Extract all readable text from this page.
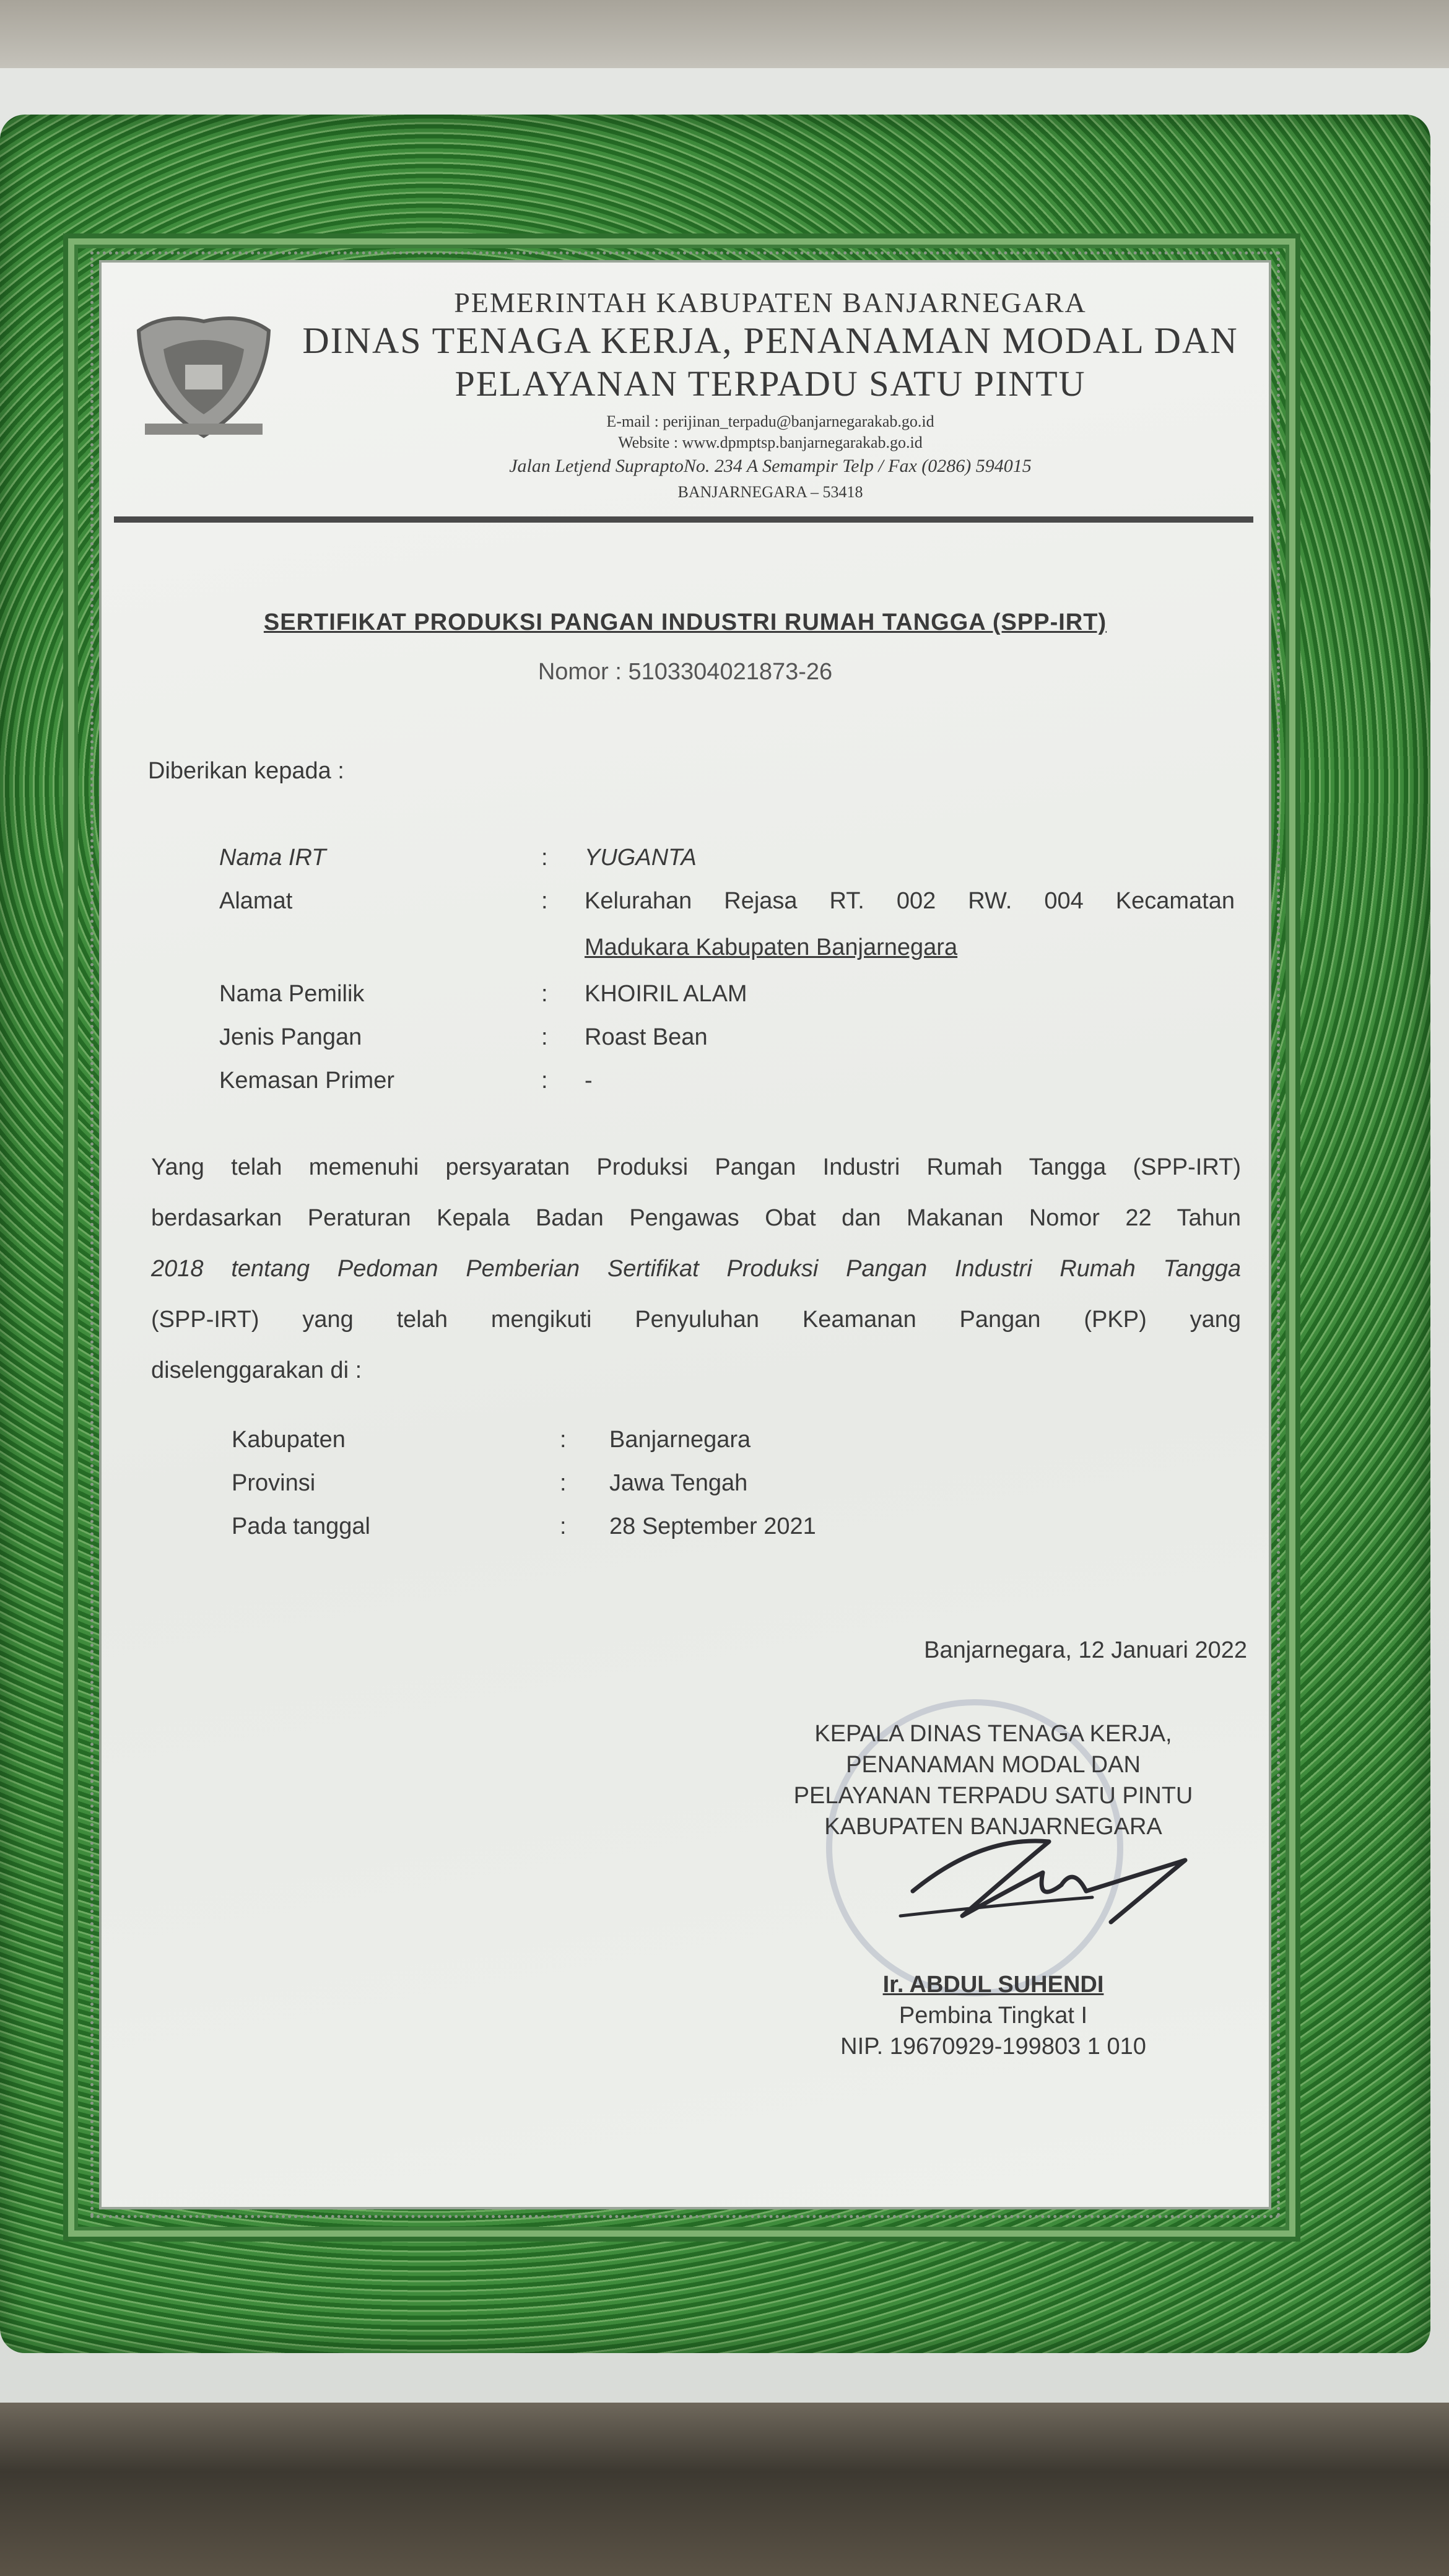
PEMERINTAH KABUPATEN BANJARNEGARA
DINAS TENAGA KERJA, PENANAMAN MODAL DAN
PELAYANAN TERPADU SATU PINTU
E-mail : perijinan_terpadu@banjarnegarakab.go.id
Website : www.dpmptsp.banjarnegarakab.go.id
Jalan Letjend SupraptoNo. 234 A Semampir Telp / Fax (0286) 594015
BANJARNEGARA – 53418
SERTIFIKAT PRODUKSI PANGAN INDUSTRI RUMAH TANGGA (SPP-IRT)
Nomor : 5103304021873-26
Diberikan kepada :
Nama IRT	: YUGANTA
Alamat	: Kelurahan Rejasa RT. 002 RW. 004 Kecamatan
Madukara Kabupaten Banjarnegara
Nama Pemilik	: KHOIRIL ALAM
Jenis Pangan	: Roast Bean
Kemasan Primer	: -
Yang telah memenuhi persyaratan Produksi Pangan Industri Rumah Tangga (SPP-IRT)
berdasarkan Peraturan Kepala Badan Pengawas Obat dan Makanan Nomor 22 Tahun
2018 tentang Pedoman Pemberian Sertifikat Produksi Pangan Industri Rumah Tangga
(SPP-IRT) yang telah mengikuti Penyuluhan Keamanan Pangan (PKP) yang
diselenggarakan di :
Kabupaten	: Banjarnegara
Provinsi	: Jawa Tengah
Pada tanggal	: 28 September 2021
Banjarnegara, 12 Januari 2022
KEPALA DINAS TENAGA KERJA,
PENANAMAN MODAL DAN
PELAYANAN TERPADU SATU PINTU
KABUPATEN BANJARNEGARA
Ir. ABDUL SUHENDI
Pembina Tingkat I
NIP. 19670929-199803 1 010
